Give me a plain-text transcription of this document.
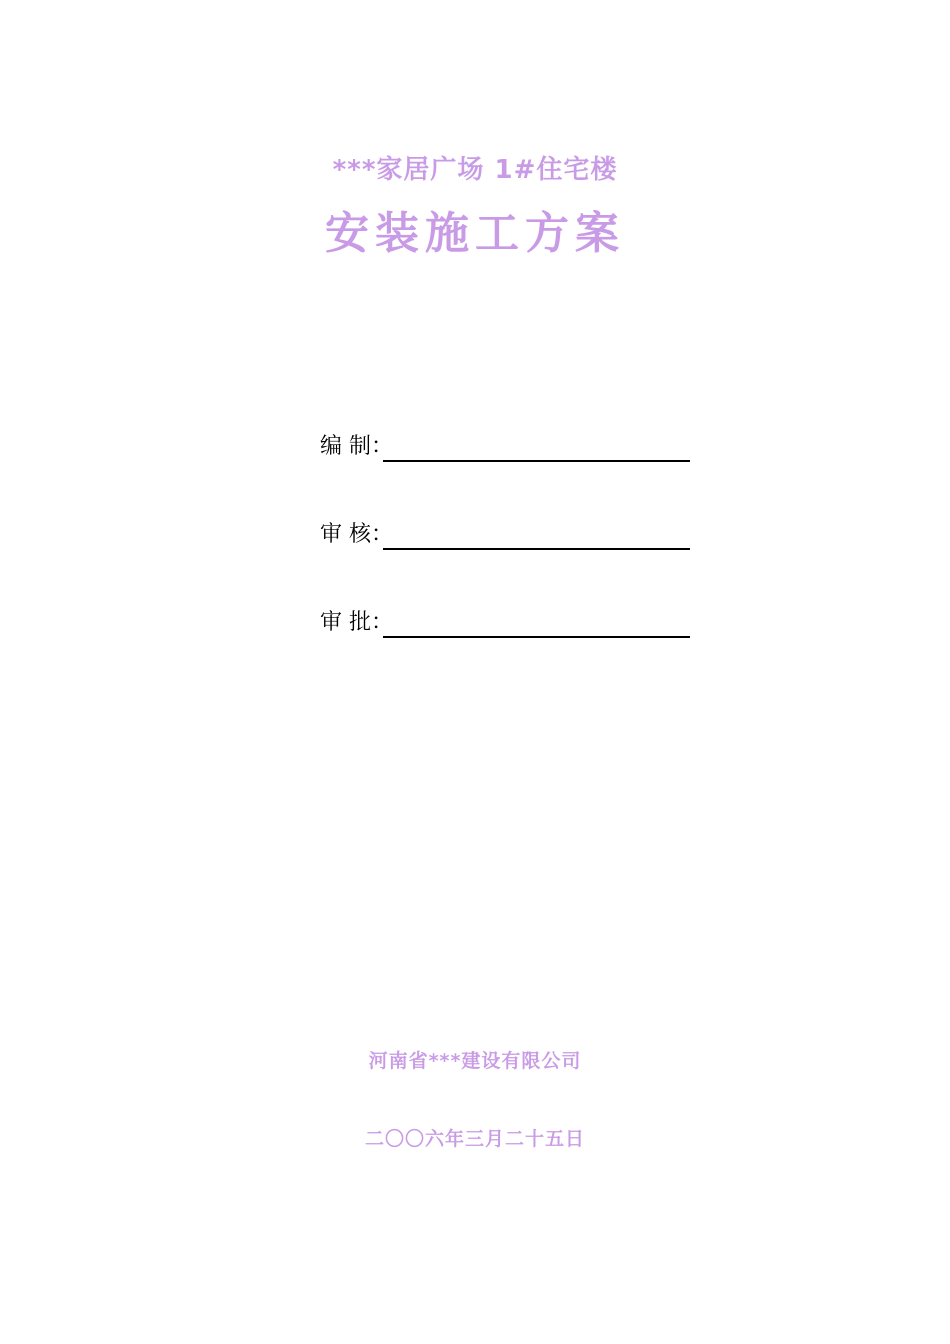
***家居广场 1#住宅楼
安装施工方案
编 制：
审 核：
审 批：
河南省***建设有限公司
二〇〇六年三月二十五日
